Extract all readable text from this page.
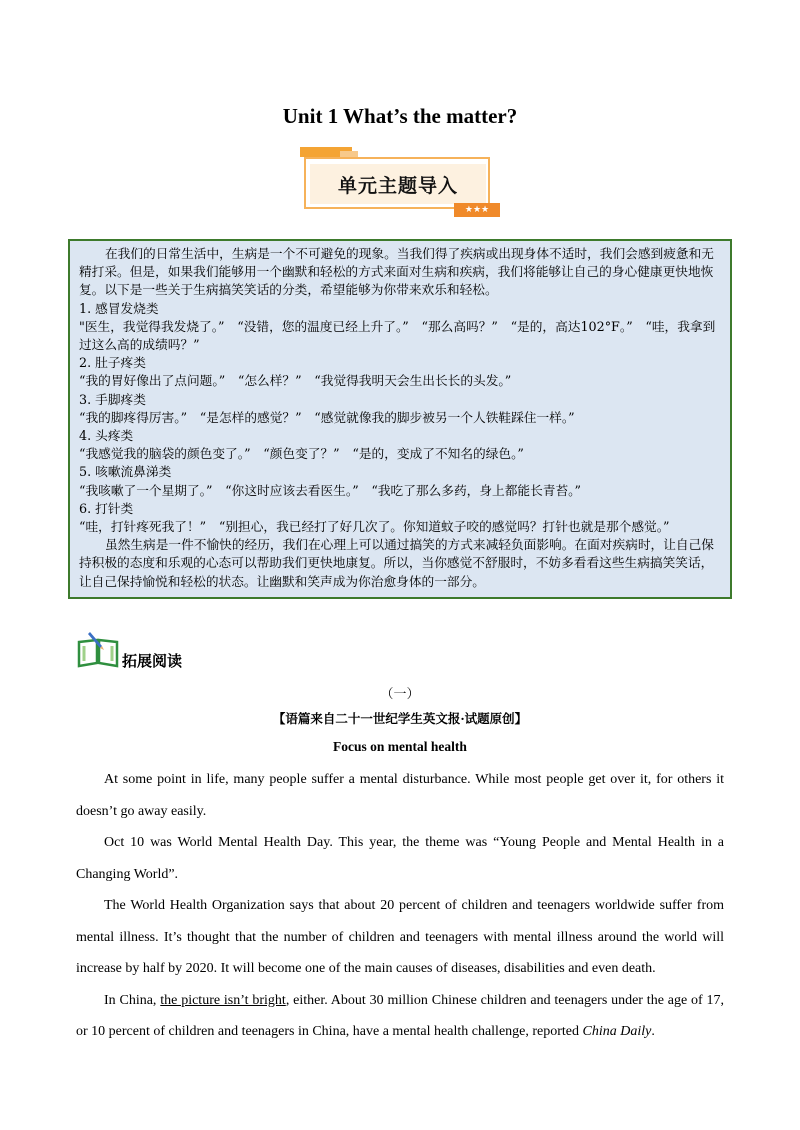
Unit 1 What’s the matter?
单元主题导入
★★★

在我们的日常生活中，生病是一个不可避免的现象。当我们得了疾病或出现身体不适时，我们会感到疲惫和无精打采。但是，如果我们能够用一个幽默和轻松的方式来面对生病和疾病，我们将能够让自己的身心健康更快地恢复。以下是一些关于生病搞笑笑话的分类，希望能够为你带来欢乐和轻松。

1. 感冒发烧类

"医生，我觉得我发烧了。”　“没错，您的温度已经上升了。”　“那么高吗？”　“是的，高达102°F。”　“哇，我拿到过这么高的成绩吗？”

2. 肚子疼类

“我的胃好像出了点问题。”　“怎么样？”　“我觉得我明天会生出长长的头发。”

3. 手脚疼类

“我的脚疼得厉害。”　“是怎样的感觉？”　“感觉就像我的脚步被另一个人铁鞋踩住一样。”

4. 头疼类

“我感觉我的脑袋的颜色变了。”　“颜色变了？”　“是的，变成了不知名的绿色。”

5. 咳嗽流鼻涕类

“我咳嗽了一个星期了。”　“你这时应该去看医生。”　“我吃了那么多药，身上都能长青苔。”

6. 打针类

“哇，打针疼死我了！”　“别担心，我已经打了好几次了。你知道蚊子咬的感觉吗？打针也就是那个感觉。”

虽然生病是一件不愉快的经历，我们在心理上可以通过搞笑的方式来减轻负面影响。在面对疾病时，让自己保持积极的态度和乐观的心态可以帮助我们更快地康复。所以，当你感觉不舒服时，不妨多看看这些生病搞笑笑话，让自己保持愉悦和轻松的状态。让幽默和笑声成为你治愈身体的一部分。

拓展阅读
（一）
【语篇来自二十一世纪学生英文报·试题原创】
Focus on mental health

At some point in life, many people suffer a mental disturbance. While most people get over it, for others it doesn’t go away easily.

Oct 10 was World Mental Health Day. This year, the theme was “Young People and Mental Health in a Changing World”.

The World Health Organization says that about 20 percent of children and teenagers worldwide suffer from mental illness. It’s thought that the number of children and teenagers with mental illness around the world will increase by half by 2020. It will become one of the main causes of diseases, disabilities and even death.

In China, the picture isn’t bright, either. About 30 million Chinese children and teenagers under the age of 17, or 10 percent of children and teenagers in China, have a mental health challenge, reported China Daily.
